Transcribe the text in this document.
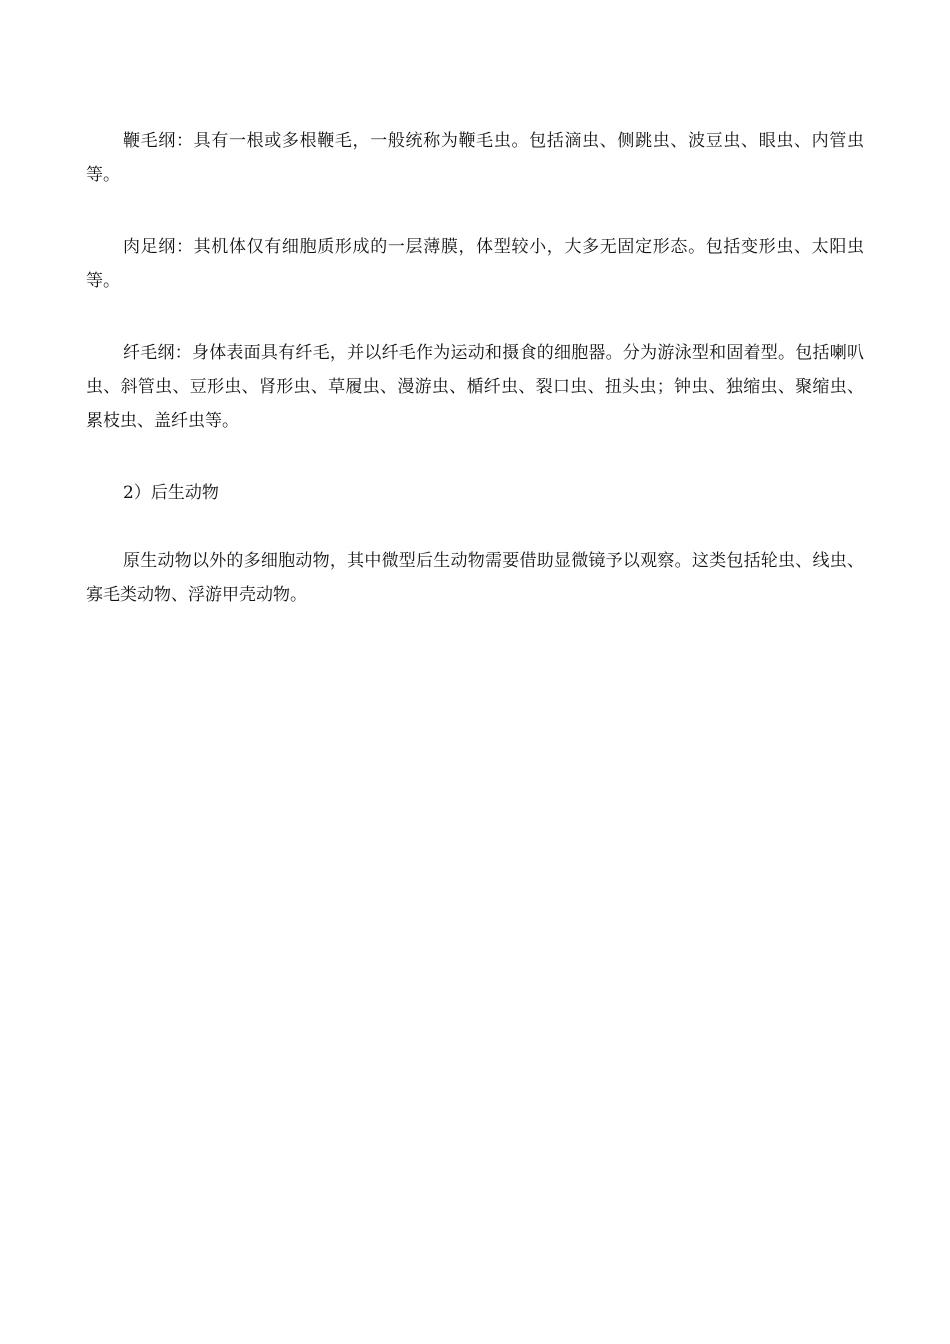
鞭毛纲：具有一根或多根鞭毛，一般统称为鞭毛虫。包括滴虫、侧跳虫、波豆虫、眼虫、内管虫等。

肉足纲：其机体仅有细胞质形成的一层薄膜，体型较小，大多无固定形态。包括变形虫、太阳虫等。

纤毛纲：身体表面具有纤毛，并以纤毛作为运动和摄食的细胞器。分为游泳型和固着型。包括喇叭虫、斜管虫、豆形虫、肾形虫、草履虫、漫游虫、楯纤虫、裂口虫、扭头虫；钟虫、独缩虫、聚缩虫、累枝虫、盖纤虫等。

2）后生动物

原生动物以外的多细胞动物，其中微型后生动物需要借助显微镜予以观察。这类包括轮虫、线虫、寡毛类动物、浮游甲壳动物。
